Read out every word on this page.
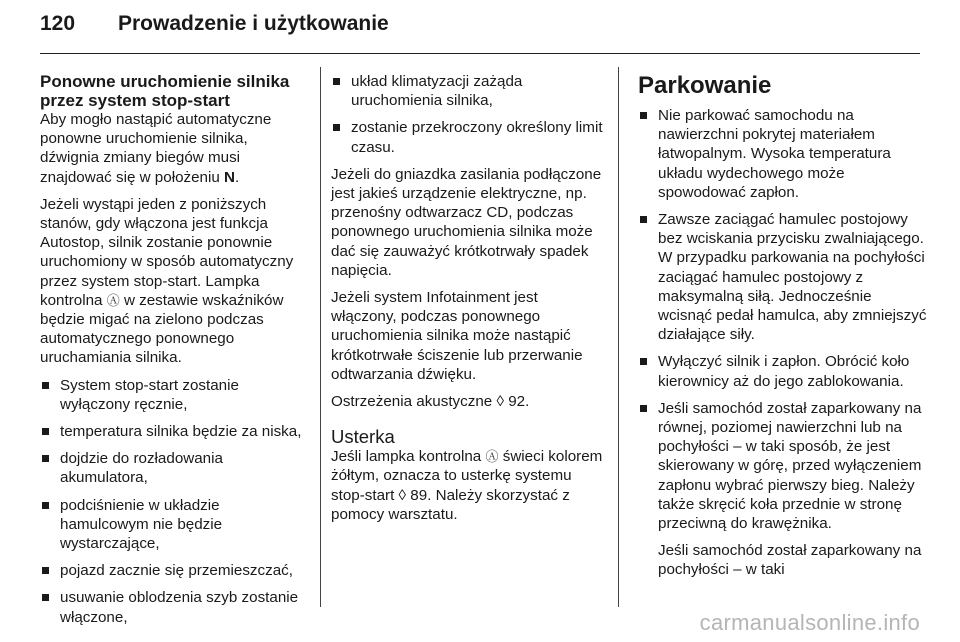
120	Prowadzenie i użytkowanie
Ponowne uruchomienie silnika przez system stop-start

Aby mogło nastąpić automatyczne ponowne uruchomienie silnika, dźwignia zmiany biegów musi znajdować się w położeniu N.

Jeżeli wystąpi jeden z poniższych stanów, gdy włączona jest funkcja Autostop, silnik zostanie ponownie uruchomiony w sposób automatyczny przez system stop-start. Lampka kontrolna Ⓐ w zestawie wskaźników będzie migać na zielono podczas automatycznego ponownego uruchamiania silnika.

System stop-start zostanie wyłączony ręcznie,
temperatura silnika będzie za niska,
dojdzie do rozładowania akumulatora,
podciśnienie w układzie hamulcowym nie będzie wystarczające,
pojazd zacznie się przemieszczać,
usuwanie oblodzenia szyb zostanie włączone,
układ klimatyzacji zażąda uruchomienia silnika,
zostanie przekroczony określony limit czasu.

Jeżeli do gniazdka zasilania podłączone jest jakieś urządzenie elektryczne, np. przenośny odtwarzacz CD, podczas ponownego uruchomienia silnika może dać się zauważyć krótkotrwały spadek napięcia.

Jeżeli system Infotainment jest włączony, podczas ponownego uruchomienia silnika może nastąpić krótkotrwałe ściszenie lub przerwanie odtwarzania dźwięku.

Ostrzeżenia akustyczne ◊ 92.

Usterka

Jeśli lampka kontrolna Ⓐ świeci kolorem żółtym, oznacza to usterkę systemu stop-start ◊ 89. Należy skorzystać z pomocy warsztatu.

Parkowanie
Nie parkować samochodu na nawierzchni pokrytej materiałem łatwopalnym. Wysoka temperatura układu wydechowego może spowodować zapłon.
Zawsze zaciągać hamulec postojowy bez wciskania przycisku zwalniającego. W przypadku parkowania na pochyłości zaciągać hamulec postojowy z maksymalną siłą. Jednocześnie wcisnąć pedał hamulca, aby zmniejszyć działające siły.
Wyłączyć silnik i zapłon. Obrócić koło kierownicy aż do jego zablokowania.
Jeśli samochód został zaparkowany na równej, poziomej nawierzchni lub na pochyłości – w taki sposób, że jest skierowany w górę, przed wyłączeniem zapłonu wybrać pierwszy bieg. Należy także skręcić koła przednie w stronę przeciwną do krawężnika.

Jeśli samochód został zaparkowany na pochyłości – w taki

carmanualsonline.info
